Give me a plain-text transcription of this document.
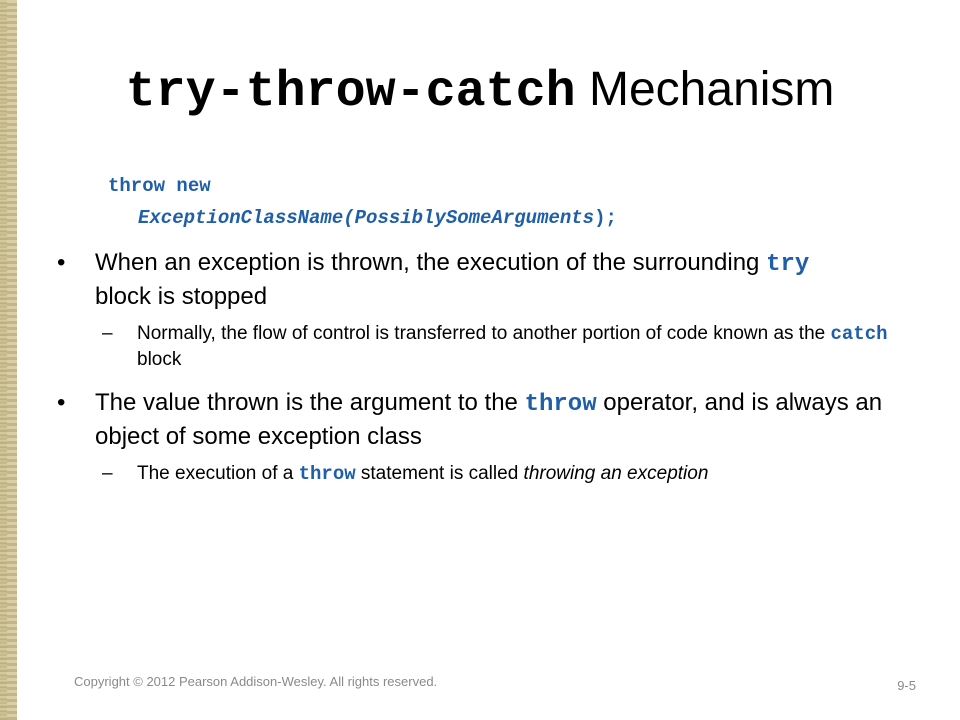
try-throw-catch Mechanism
throw new
ExceptionClassName(PossiblySomeArguments);
• When an exception is thrown, the execution of the surrounding try block is stopped
– Normally, the flow of control is transferred to another portion of code known as the catch block
• The value thrown is the argument to the throw operator, and is always an object of some exception class
– The execution of a throw statement is called throwing an exception
Copyright © 2012 Pearson Addison-Wesley. All rights reserved.	9-5
